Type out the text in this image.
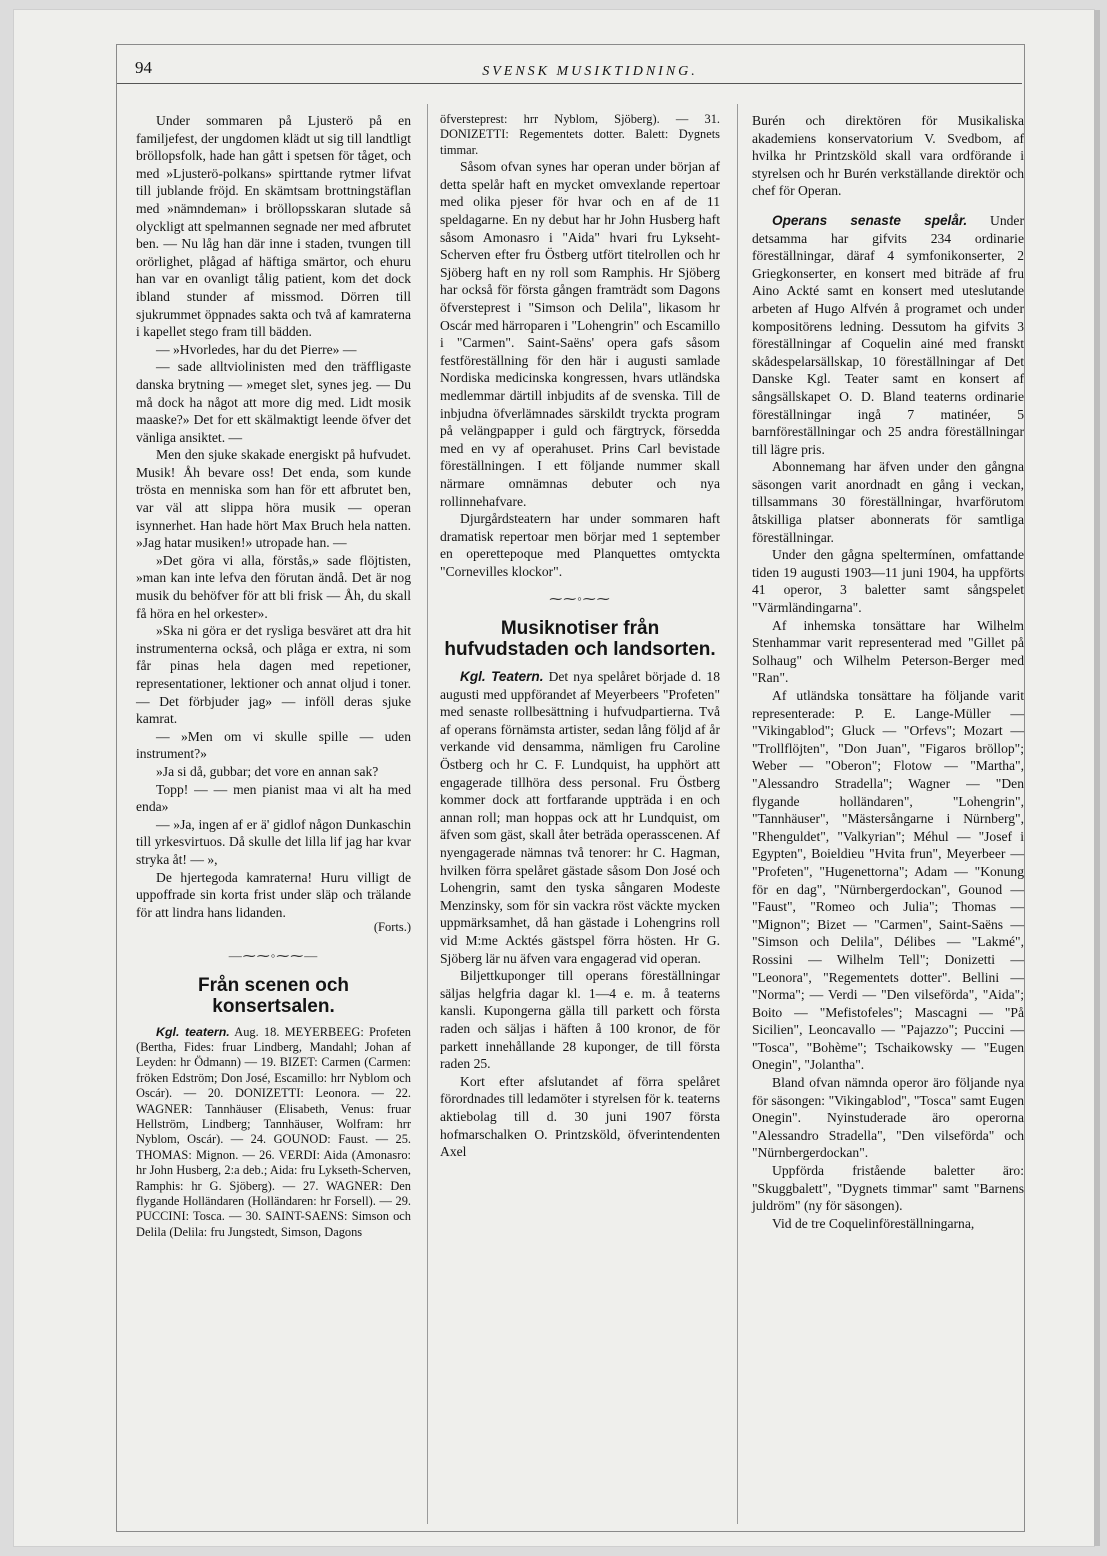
94	SVENSK MUSIKTIDNING.

Under sommaren på Ljusterö på en familjefest, der ungdomen klädt ut sig till landtligt bröllopsfolk, hade han gått i spetsen för tåget, och med »Ljusterö-polkans» spirttande rytmer lifvat till jublande fröjd. En skämtsam brottningstäflan med »nämndeman» i bröllopsskaran slutade så olyckligt att spelmannen segnade ner med afbrutet ben. — Nu låg han där inne i staden, tvungen till orörlighet, plågad af häftiga smärtor, och ehuru han var en ovanligt tålig patient, kom det dock ibland stunder af missmod. Dörren till sjukrummet öppnades sakta och två af kamraterna i kapellet stego fram till bädden.

— »Hvorledes, har du det Pierre» —

— sade alltviolinisten med den träffligaste danska brytning — »meget slet, synes jeg. — Du må dock ha något att more dig med. Lidt mosik maaske?» Det for ett skälmaktigt leende öfver det vänliga ansiktet. —

Men den sjuke skakade energiskt på hufvudet. Musik! Åh bevare oss! Det enda, som kunde trösta en menniska som han för ett afbrutet ben, var väl att slippa höra musik — operan isynnerhet. Han hade hört Max Bruch hela natten. »Jag hatar musiken!» utropade han. —

»Det göra vi alla, förstås,» sade flöjtisten, »man kan inte lefva den förutan ändå. Det är nog musik du behöfver för att bli frisk — Åh, du skall få höra en hel orkester».

»Ska ni göra er det rysliga besväret att dra hit instrumenterna också, och plåga er extra, ni som får pinas hela dagen med repetioner, representationer, lektioner och annat oljud i toner. — Det förbjuder jag» — inföll deras sjuke kamrat.

— »Men om vi skulle spille — uden instrument?»

»Ja si då, gubbar; det vore en annan sak?

Topp! — — men pianist maa vi alt ha med enda»

— »Ja, ingen af er ä' gidlof någon Dunkaschin till yrkesvirtuos. Då skulle det lilla lif jag har kvar stryka åt! — »,

De hjertegoda kamraterna! Huru villigt de uppoffrade sin korta frist under släp och trälande för att lindra hans lidanden.

(Forts.)
—⁓⁓◦⁓⁓—
Från scenen och konsertsalen.

Kgl. teatern. Aug. 18. MEYERBEEG: Profeten (Bertha, Fides: fruar Lindberg, Mandahl; Johan af Leyden: hr Ödmann) — 19. BIZET: Carmen (Carmen: fröken Edström; Don José, Escamillo: hrr Nyblom och Oscár). — 20. DONIZETTI: Leonora. — 22. WAGNER: Tannhäuser (Elisabeth, Venus: fruar Hellström, Lindberg; Tannhäuser, Wolfram: hrr Nyblom, Oscár). — 24. GOUNOD: Faust. — 25. THOMAS: Mignon. — 26. VERDI: Aida (Amonasro: hr John Husberg, 2:a deb.; Aida: fru Lykseth-Scherven, Ramphis: hr G. Sjöberg). — 27. WAGNER: Den flygande Holländaren (Holländaren: hr Forsell). — 29. PUCCINI: Tosca. — 30. SAINT-SAENS: Simson och Delila (Delila: fru Jungstedt, Simson, Dagons

öfversteprest: hrr Nyblom, Sjöberg). — 31. DONIZETTI: Regementets dotter. Balett: Dygnets timmar.

Såsom ofvan synes har operan under början af detta spelår haft en mycket omvexlande repertoar med olika pjeser för hvar och en af de 11 speldagarne. En ny debut har hr John Husberg haft såsom Amonasro i "Aida" hvari fru Lykseht-Scherven efter fru Östberg utfört titelrollen och hr Sjöberg haft en ny roll som Ramphis. Hr Sjöberg har också för första gången framträdt som Dagons öfversteprest i "Simson och Delila", likasom hr Oscár med härroparen i "Lohengrin" och Escamillo i "Carmen". Saint-Saëns' opera gafs såsom festföreställning för den här i augusti samlade Nordiska medicinska kongressen, hvars utländska medlemmar därtill inbjudits af de svenska. Till de inbjudna öfverlämnades särskildt tryckta program på velängpapper i guld och färgtryck, försedda med en vy af operahuset. Prins Carl bevistade föreställningen. I ett följande nummer skall närmare omnämnas debuter och nya rollinnehafvare.

Djurgårdsteatern har under sommaren haft dramatisk repertoar men börjar med 1 september en operettepoque med Planquettes omtyckta "Cornevilles klockor".

⁓⁓◦⁓⁓
Musiknotiser från hufvudstaden och landsorten.

Kgl. Teatern. Det nya spelåret började d. 18 augusti med uppförandet af Meyerbeers "Profeten" med senaste rollbesättning i hufvudpartierna. Två af operans förnämsta artister, sedan lång följd af år verkande vid densamma, nämligen fru Caroline Östberg och hr C. F. Lundquist, ha upphört att engagerade tillhöra dess personal. Fru Östberg kommer dock att fortfarande uppträda i en och annan roll; man hoppas ock att hr Lundquist, om äfven som gäst, skall åter beträda operasscenen. Af nyengagerade nämnas två tenorer: hr C. Hagman, hvilken förra spelåret gästade såsom Don José och Lohengrin, samt den tyska sångaren Modeste Menzinsky, som för sin vackra röst väckte mycken uppmärksamhet, då han gästade i Lohengrins roll vid M:me Acktés gästspel förra hösten. Hr G. Sjöberg lär nu äfven vara engagerad vid operan.

Biljettkuponger till operans föreställningar säljas helgfria dagar kl. 1—4 e. m. å teaterns kansli. Kupongerna gälla till parkett och första raden och säljas i häften å 100 kronor, de för parkett innehållande 28 kuponger, de till första raden 25.

Kort efter afslutandet af förra spelåret förordnades till ledamöter i styrelsen för k. teaterns aktiebolag till d. 30 juni 1907 första hofmarschalken O. Printzsköld, öfverintendenten Axel

Burén och direktören för Musikaliska akademiens konservatorium V. Svedbom, af hvilka hr Printzsköld skall vara ordförande i styrelsen och hr Burén verkställande direktör och chef för Operan.

Operans senaste spelår. Under detsamma har gifvits 234 ordinarie föreställningar, däraf 4 symfonikonserter, 2 Griegkonserter, en konsert med biträde af fru Aino Ackté samt en konsert med uteslutande arbeten af Hugo Alfvén å programet och under kompositörens ledning. Dessutom ha gifvits 3 föreställningar af Coquelin ainé med franskt skådespelarsällskap, 10 föreställningar af Det Danske Kgl. Teater samt en konsert af sångsällskapet O. D. Bland teaterns ordinarie föreställningar ingå 7 matinéer, 5 barnföreställningar och 25 andra föreställningar till lägre pris.

Abonnemang har äfven under den gångna säsongen varit anordnadt en gång i veckan, tillsammans 30 föreställningar, hvarförutom åtskilliga platser abonnerats för samtliga föreställningar.

Under den gågna speltermínen, omfattande tiden 19 augusti 1903—11 juni 1904, ha uppförts 41 operor, 3 baletter samt sångspelet "Värmländingarna".

Af inhemska tonsättare har Wilhelm Stenhammar varit representerad med "Gillet på Solhaug" och Wilhelm Peterson-Berger med "Ran".

Af utländska tonsättare ha följande varit representerade: P. E. Lange-Müller — "Vikingablod"; Gluck — "Orfevs"; Mozart — "Trollflöjten", "Don Juan", "Figaros bröllop"; Weber — "Oberon"; Flotow — "Martha", "Alessandro Stradella"; Wagner — "Den flygande holländaren", "Lohengrin", "Tannhäuser", "Mästersångarne i Nürnberg", "Rhenguldet", "Valkyrian"; Méhul — "Josef i Egypten", Boieldieu "Hvita frun", Meyerbeer — "Profeten", "Hugenettorna"; Adam — "Konung för en dag", "Nürnbergerdockan", Gounod — "Faust", "Romeo och Julia"; Thomas — "Mignon"; Bizet — "Carmen", Saint-Saëns — "Simson och Delila", Délibes — "Lakmé", Rossini — Wilhelm Tell"; Donizetti — "Leonora", "Regementets dotter". Bellini — "Norma"; — Verdi — "Den vilseförda", "Aida"; Boito — "Mefistofeles"; Mascagni — "På Sicilien", Leoncavallo — "Pajazzo"; Puccini — "Tosca", "Bohème"; Tschaikowsky — "Eugen Onegin", "Jolantha".

Bland ofvan nämnda operor äro följande nya för säsongen: "Vikingablod", "Tosca" samt Eugen Onegin". Nyinstuderade äro operorna "Alessandro Stradella", "Den vilseförda" och "Nürnbergerdockan".

Uppförda fristående baletter äro: "Skuggbalett", "Dygnets timmar" samt "Barnens juldröm" (ny för säsongen).

Vid de tre Coquelinföreställningarna,
